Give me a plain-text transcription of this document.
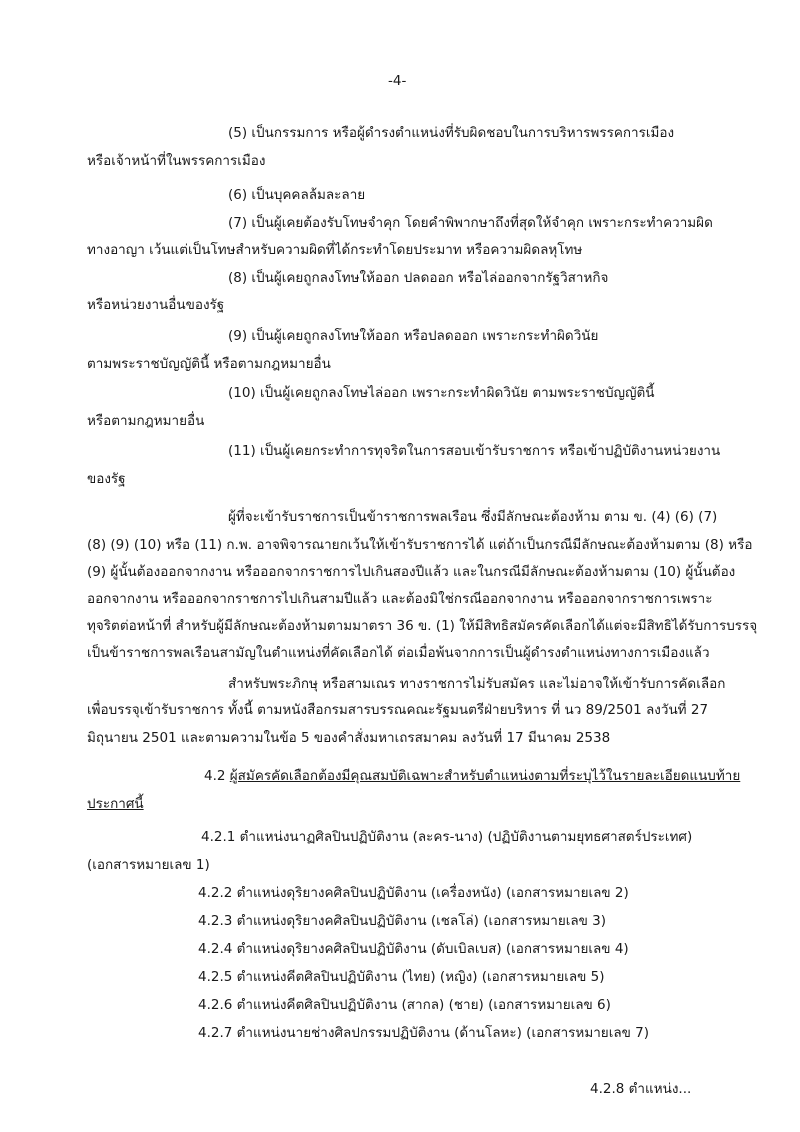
-4-
(5) เป็นกรรมการ หรือผู้ดำรงตำแหน่งที่รับผิดชอบในการบริหารพรรคการเมือง
หรือเจ้าหน้าที่ในพรรคการเมือง
(6) เป็นบุคคลล้มละลาย
(7) เป็นผู้เคยต้องรับโทษจำคุก โดยคำพิพากษาถึงที่สุดให้จำคุก เพราะกระทำความผิด
ทางอาญา เว้นแต่เป็นโทษสำหรับความผิดที่ได้กระทำโดยประมาท หรือความผิดลหุโทษ
(8) เป็นผู้เคยถูกลงโทษให้ออก ปลดออก หรือไล่ออกจากรัฐวิสาหกิจ
หรือหน่วยงานอื่นของรัฐ
(9) เป็นผู้เคยถูกลงโทษให้ออก หรือปลดออก เพราะกระทำผิดวินัย
ตามพระราชบัญญัตินี้ หรือตามกฎหมายอื่น
(10) เป็นผู้เคยถูกลงโทษไล่ออก เพราะกระทำผิดวินัย ตามพระราชบัญญัตินี้
หรือตามกฎหมายอื่น
(11) เป็นผู้เคยกระทำการทุจริตในการสอบเข้ารับราชการ หรือเข้าปฏิบัติงานหน่วยงาน
ของรัฐ
ผู้ที่จะเข้ารับราชการเป็นข้าราชการพลเรือน ซึ่งมีลักษณะต้องห้าม ตาม ข. (4) (6) (7)
(8) (9) (10) หรือ (11) ก.พ. อาจพิจารณายกเว้นให้เข้ารับราชการได้ แต่ถ้าเป็นกรณีมีลักษณะต้องห้ามตาม (8) หรือ
(9) ผู้นั้นต้องออกจากงาน หรือออกจากราชการไปเกินสองปีแล้ว และในกรณีมีลักษณะต้องห้ามตาม (10) ผู้นั้นต้อง
ออกจากงาน หรือออกจากราชการไปเกินสามปีแล้ว และต้องมิใช่กรณีออกจากงาน หรือออกจากราชการเพราะ
ทุจริตต่อหน้าที่ สำหรับผู้มีลักษณะต้องห้ามตามมาตรา 36 ข. (1) ให้มีสิทธิสมัครคัดเลือกได้แต่จะมีสิทธิได้รับการบรรจุ
เป็นข้าราชการพลเรือนสามัญในตำแหน่งที่คัดเลือกได้ ต่อเมื่อพ้นจากการเป็นผู้ดำรงตำแหน่งทางการเมืองแล้ว
สำหรับพระภิกษุ หรือสามเณร ทางราชการไม่รับสมัคร และไม่อาจให้เข้ารับการคัดเลือก
เพื่อบรรจุเข้ารับราชการ ทั้งนี้ ตามหนังสือกรมสารบรรณคณะรัฐมนตรีฝ่ายบริหาร ที่ นว 89/2501 ลงวันที่ 27
มิถุนายน 2501 และตามความในข้อ 5 ของคำสั่งมหาเถรสมาคม ลงวันที่ 17 มีนาคม 2538
4.2 ผู้สมัครคัดเลือกต้องมีคุณสมบัติเฉพาะสำหรับตำแหน่งตามที่ระบุไว้ในรายละเอียดแนบท้าย
ประกาศนี้
4.2.1 ตำแหน่งนาฏศิลปินปฏิบัติงาน (ละคร-นาง) (ปฏิบัติงานตามยุทธศาสตร์ประเทศ)
(เอกสารหมายเลข 1)
4.2.2 ตำแหน่งดุริยางคศิลปินปฏิบัติงาน (เครื่องหนัง) (เอกสารหมายเลข 2)
4.2.3 ตำแหน่งดุริยางคศิลปินปฏิบัติงาน (เชลโล่) (เอกสารหมายเลข 3)
4.2.4 ตำแหน่งดุริยางคศิลปินปฏิบัติงาน (ดับเบิลเบส) (เอกสารหมายเลข 4)
4.2.5 ตำแหน่งคีตศิลปินปฏิบัติงาน (ไทย) (หญิง) (เอกสารหมายเลข 5)
4.2.6 ตำแหน่งคีตศิลปินปฏิบัติงาน (สากล) (ชาย) (เอกสารหมายเลข 6)
4.2.7 ตำแหน่งนายช่างศิลปกรรมปฏิบัติงาน (ด้านโลหะ) (เอกสารหมายเลข 7)
4.2.8 ตำแหน่ง...
